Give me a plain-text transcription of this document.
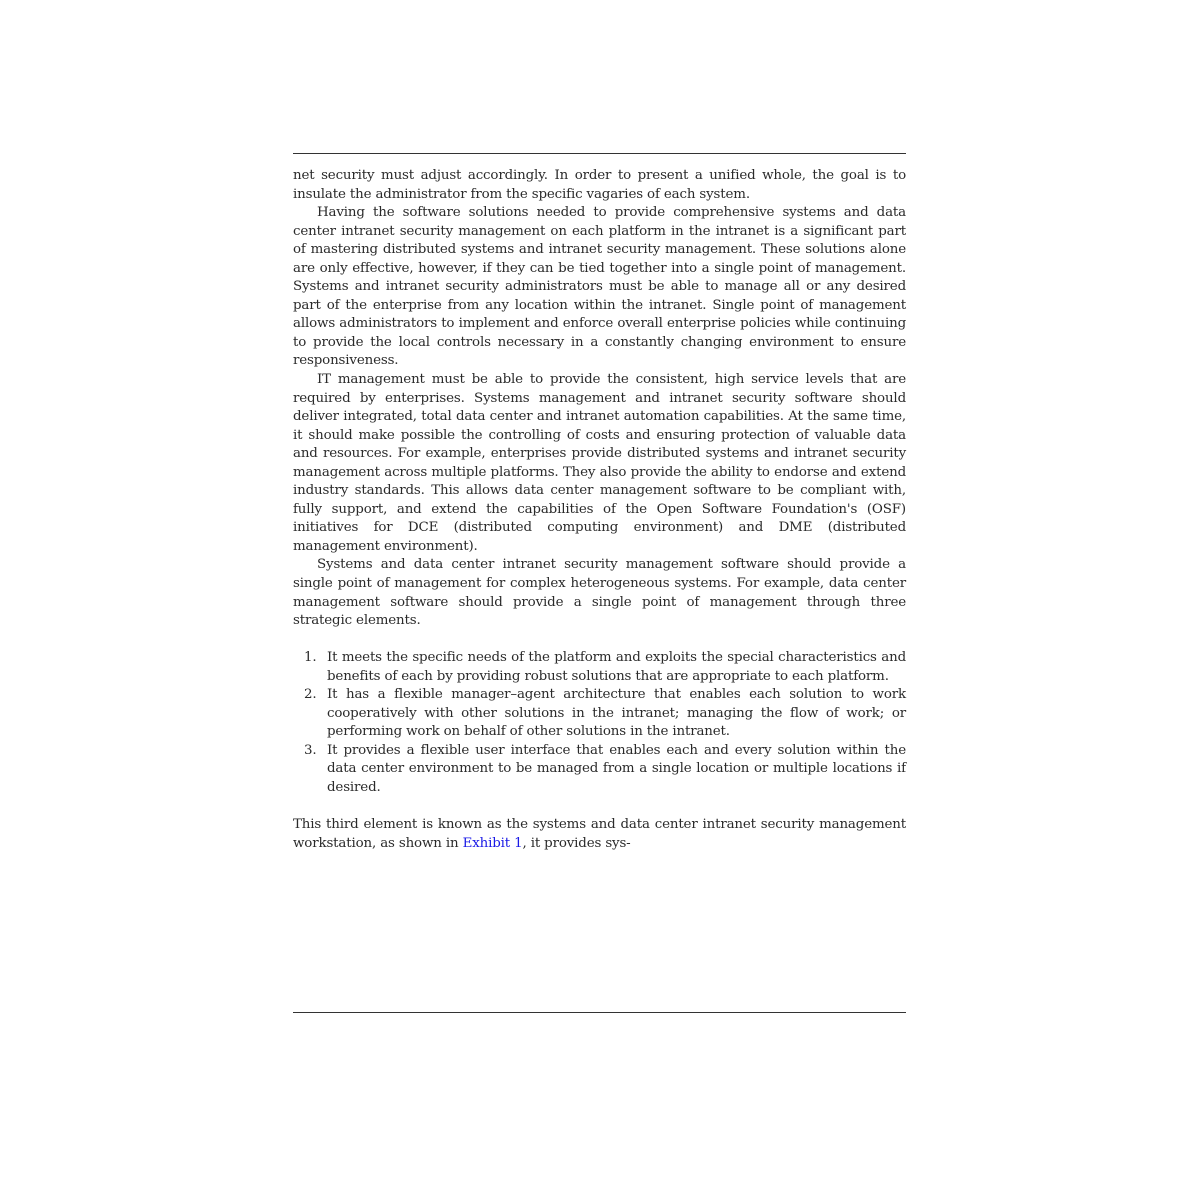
net security must adjust accordingly. In order to present a unified whole, the goal is to insulate the administrator from the specific vagaries of each system.

Having the software solutions needed to provide comprehensive systems and data center intranet security management on each platform in the intranet is a significant part of mastering distributed systems and intranet security management. These solutions alone are only effective, however, if they can be tied together into a single point of management. Systems and intranet security administrators must be able to manage all or any desired part of the enterprise from any location within the intranet. Single point of management allows administrators to implement and enforce overall enterprise policies while continuing to provide the local controls necessary in a constantly changing environment to ensure responsiveness.

IT management must be able to provide the consistent, high service levels that are required by enterprises. Systems management and intranet security software should deliver integrated, total data center and intranet automation capabilities. At the same time, it should make possible the controlling of costs and ensuring protection of valuable data and resources. For example, enterprises provide distributed systems and intranet security management across multiple platforms. They also provide the ability to endorse and extend industry standards. This allows data center management software to be compliant with, fully support, and extend the capabilities of the Open Software Foundation's (OSF) initiatives for DCE (distributed computing environment) and DME (distributed management environment).

Systems and data center intranet security management software should provide a single point of management for complex heterogeneous systems. For example, data center management software should provide a single point of management through three strategic elements.

1. It meets the specific needs of the platform and exploits the special characteristics and benefits of each by providing robust solutions that are appropriate to each platform.
2. It has a flexible manager–agent architecture that enables each solution to work cooperatively with other solutions in the intranet; managing the flow of work; or performing work on behalf of other solutions in the intranet.
3. It provides a flexible user interface that enables each and every solution within the data center environment to be managed from a single location or multiple locations if desired.

This third element is known as the systems and data center intranet security management workstation, as shown in Exhibit 1, it provides sys-
